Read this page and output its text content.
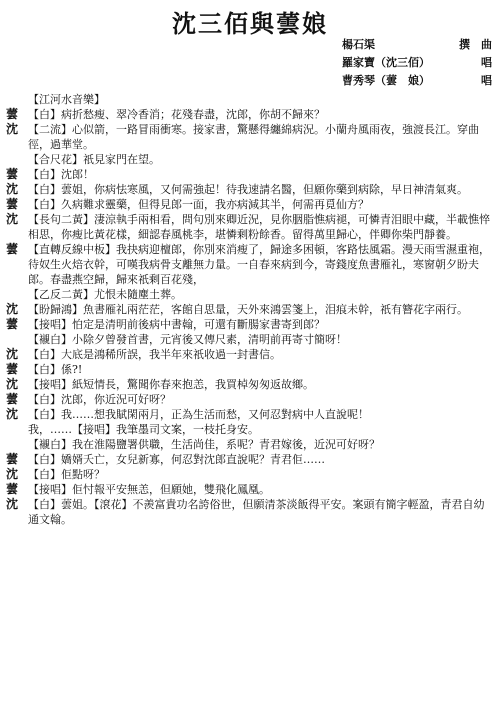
沈三佰與蕓娘
楊石渠	撰　曲
羅家寶（沈三佰）	唱
曹秀琴（蕓　娘）	唱
【江河水音樂】
蕓 【白】病折愁瘦、翠冷香消；花殘春盡，沈郎，你胡不歸來？
沈 【二流】心似箭，一路冒雨衝寒。接家書，驚懸得纏綿病況。小蘭舟風雨夜，強渡長江。穿曲徑，過華堂。
【合尺花】祇見家門在望。
蕓 【白】沈郎！
沈 【白】蕓姐，你病怯寒風，又何需強起！待我速請名醫，但願你藥到病除，早日神清氣爽。
蕓 【白】久病難求靈藥，但得見郎一面，我亦病減其半，何需再覓仙方？
沈 【長句二黃】淒涼執手兩相看，問句別來卿近況，見你胭脂憔病褪，可憐青泪眼中藏，半載憔悴相思，你瘦比黃花樣，細認春風桃李，堪憐剩粉餘香。留得萬里歸心，伴卿你柴門靜養。
蕓 【直轉反線中板】我抉病迎檀郎，你別來消瘦了，歸途多困頓，客路怯風霜。漫天雨雪濕重袍，待奴生火焙衣幹，可嘆我病骨支離無力量。一自春來病到今，寄錢度魚書雁礼，寒窗朝夕盼夫郎。春盡燕空歸，歸來祇剩百花殘，
【乙反二黃】尤恨未隨塵土葬。
沈 【盼歸鴻】魚書雁礼兩茫茫，客館自思量，天外來鴻雲箋上，泪痕未幹，祇有簪花字兩行。
蕓 【接唱】怕定是清明前後病中書翰，可還有斷腸家書寄到郎？
【襯白】小除夕曾發首書，元宵後又傳尺素，清明前再寄寸簡呀！
沈 【白】大底是鴻稀所誤，我半年來祇收過一封書信。
蕓 【白】係?!
沈 【接唱】紙短情長，驚聞你春來抱恙，我買棹匆匆返故鄉。
蕓 【白】沈郎，你近況可好呀？
沈 【白】我……想我賦閑兩月，正為生活而愁，又何忍對病中人直說呢！
我，……【接唱】我筆墨司文案，一枝托身安。
【襯白】我在淮陽鹽署供職，生活尚佳，系呢？青君嫁後，近況可好呀？
蕓 【白】嬌婿夭亡，女兒新寡，何忍對沈郎直說呢？青君佢……
沈 【白】佢點呀？
蕓 【接唱】佢忖報平安無恙，但願她，雙飛化鳳凰。
沈 【白】蕓姐。【滾花】不羨富貴功名誇俗世，但願清茶淡飯得平安。案頭有簡字輕盈，青君自幼通文翰。
